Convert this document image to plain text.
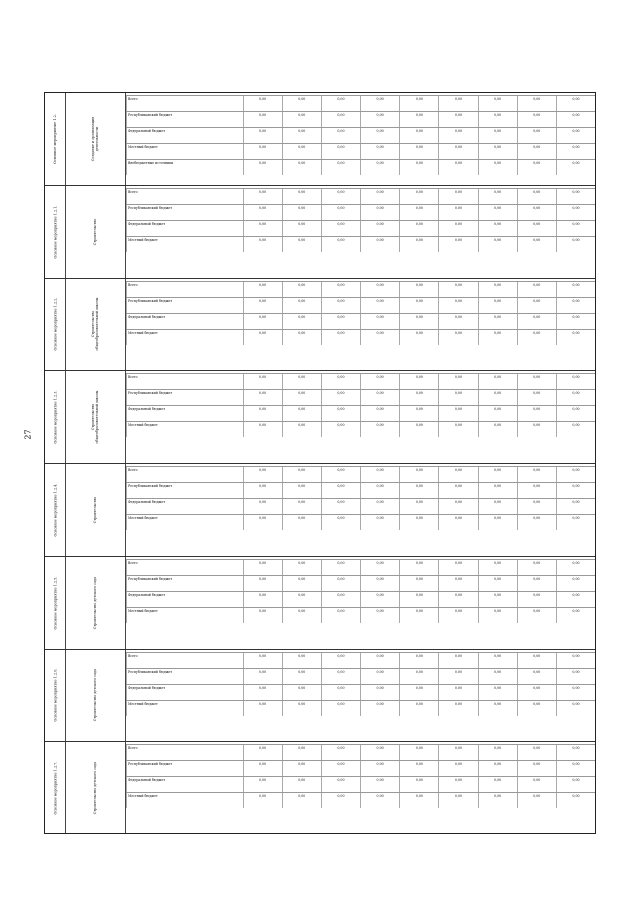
27
Основное мероприятие 1.2.	Создание и организация деятельности
Всего	0,00	0,00	0,00	0,00	0,00	0,00	0,00	0,00	0,00
Республиканский бюджет	0,00	0,00	0,00	0,00	0,00	0,00	0,00	0,00	0,00
Федеральный бюджет	0,00	0,00	0,00	0,00	0,00	0,00	0,00	0,00	0,00
Местный бюджет	0,00	0,00	0,00	0,00	0,00	0,00	0,00	0,00	0,00
Внебюджетные источники	0,00	0,00	0,00	0,00	0,00	0,00	0,00	0,00	0,00
Основное мероприятие 1.2.1.	Строительство
Всего	0,00	0,00	0,00	0,00	0,00	0,00	0,00	0,00	0,00
Республиканский бюджет	0,00	0,00	0,00	0,00	0,00	0,00	0,00	0,00	0,00
Федеральный бюджет	0,00	0,00	0,00	0,00	0,00	0,00	0,00	0,00	0,00
Местный бюджет	0,00	0,00	0,00	0,00	0,00	0,00	0,00	0,00	0,00
Основное мероприятие 1.2.2.	Строительство общеобразовательной школы
Всего	0,00	0,00	0,00	0,00	0,00	0,00	0,00	0,00	0,00
Республиканский бюджет	0,00	0,00	0,00	0,00	0,00	0,00	0,00	0,00	0,00
Федеральный бюджет	0,00	0,00	0,00	0,00	0,00	0,00	0,00	0,00	0,00
Местный бюджет	0,00	0,00	0,00	0,00	0,00	0,00	0,00	0,00	0,00
Основное мероприятие 1.2.3.	Строительство общеобразовательной школы
Всего	0,00	0,00	0,00	0,00	0,00	0,00	0,00	0,00	0,00
Республиканский бюджет	0,00	0,00	0,00	0,00	0,00	0,00	0,00	0,00	0,00
Федеральный бюджет	0,00	0,00	0,00	0,00	0,00	0,00	0,00	0,00	0,00
Местный бюджет	0,00	0,00	0,00	0,00	0,00	0,00	0,00	0,00	0,00
Основное мероприятие 1.2.4.	Строительство
Всего	0,00	0,00	0,00	0,00	0,00	0,00	0,00	0,00	0,00
Республиканский бюджет	0,00	0,00	0,00	0,00	0,00	0,00	0,00	0,00	0,00
Федеральный бюджет	0,00	0,00	0,00	0,00	0,00	0,00	0,00	0,00	0,00
Местный бюджет	0,00	0,00	0,00	0,00	0,00	0,00	0,00	0,00	0,00
Основное мероприятие 1.2.5.	Строительство детского сада
Всего	0,00	0,00	0,00	0,00	0,00	0,00	0,00	0,00	0,00
Республиканский бюджет	0,00	0,00	0,00	0,00	0,00	0,00	0,00	0,00	0,00
Федеральный бюджет	0,00	0,00	0,00	0,00	0,00	0,00	0,00	0,00	0,00
Местный бюджет	0,00	0,00	0,00	0,00	0,00	0,00	0,00	0,00	0,00
Основное мероприятие 1.2.6.	Строительство детского сада
Всего	0,00	0,00	0,00	0,00	0,00	0,00	0,00	0,00	0,00
Республиканский бюджет	0,00	0,00	0,00	0,00	0,00	0,00	0,00	0,00	0,00
Федеральный бюджет	0,00	0,00	0,00	0,00	0,00	0,00	0,00	0,00	0,00
Местный бюджет	0,00	0,00	0,00	0,00	0,00	0,00	0,00	0,00	0,00
Основное мероприятие 1.2.7.	Строительство детского сада
Всего	0,00	0,00	0,00	0,00	0,00	0,00	0,00	0,00	0,00
Республиканский бюджет	0,00	0,00	0,00	0,00	0,00	0,00	0,00	0,00	0,00
Федеральный бюджет	0,00	0,00	0,00	0,00	0,00	0,00	0,00	0,00	0,00
Местный бюджет	0,00	0,00	0,00	0,00	0,00	0,00	0,00	0,00	0,00
